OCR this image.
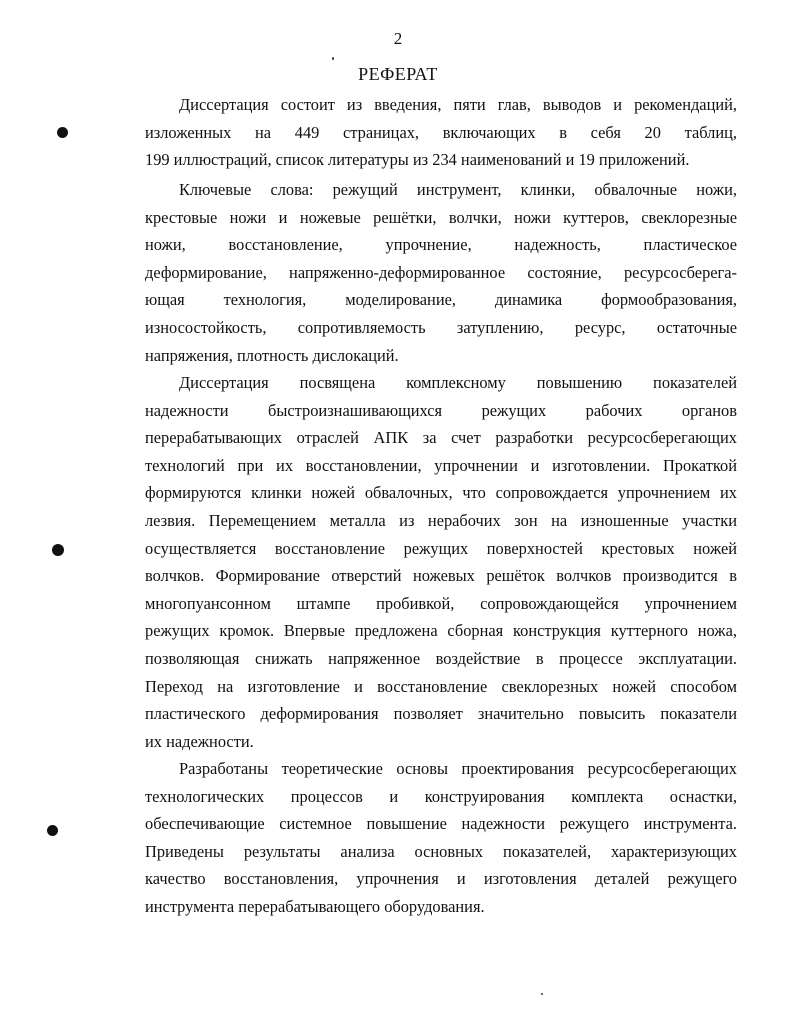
2
РЕФЕРАТ
Диссертация состоит из введения, пяти глав, выводов и рекомендаций,
изложенных на 449 страницах, включающих в себя 20 таблиц,
199 иллюстраций, список литературы из 234 наименований и 19 приложений.
Ключевые слова: режущий инструмент, клинки, обвалочные ножи,
крестовые ножи и ножевые решётки, волчки, ножи куттеров, свеклорезные
ножи, восстановление, упрочнение, надежность, пластическое
деформирование, напряженно-деформированное состояние, ресурсосберега-
ющая технология, моделирование, динамика формообразования,
износостойкость, сопротивляемость затуплению, ресурс, остаточные
напряжения, плотность дислокаций.
Диссертация посвящена комплексному повышению показателей
надежности быстроизнашивающихся режущих рабочих органов
перерабатывающих отраслей АПК за счет разработки ресурсосберегающих
технологий при их восстановлении, упрочнении и изготовлении. Прокаткой
формируются клинки ножей обвалочных, что сопровождается упрочнением их
лезвия. Перемещением металла из нерабочих зон на изношенные участки
осуществляется восстановление режущих поверхностей крестовых ножей
волчков. Формирование отверстий ножевых решёток волчков производится в
многопуансонном штампе пробивкой, сопровождающейся упрочнением
режущих кромок. Впервые предложена сборная конструкция куттерного ножа,
позволяющая снижать напряженное воздействие в процессе эксплуатации.
Переход на изготовление и восстановление свеклорезных ножей способом
пластического деформирования позволяет значительно повысить показатели
их надежности.
Разработаны теоретические основы проектирования ресурсосберегающих
технологических процессов и конструирования комплекта оснастки,
обеспечивающие системное повышение надежности режущего инструмента.
Приведены результаты анализа основных показателей, характеризующих
качество восстановления, упрочнения и изготовления деталей режущего
инструмента перерабатывающего оборудования.
